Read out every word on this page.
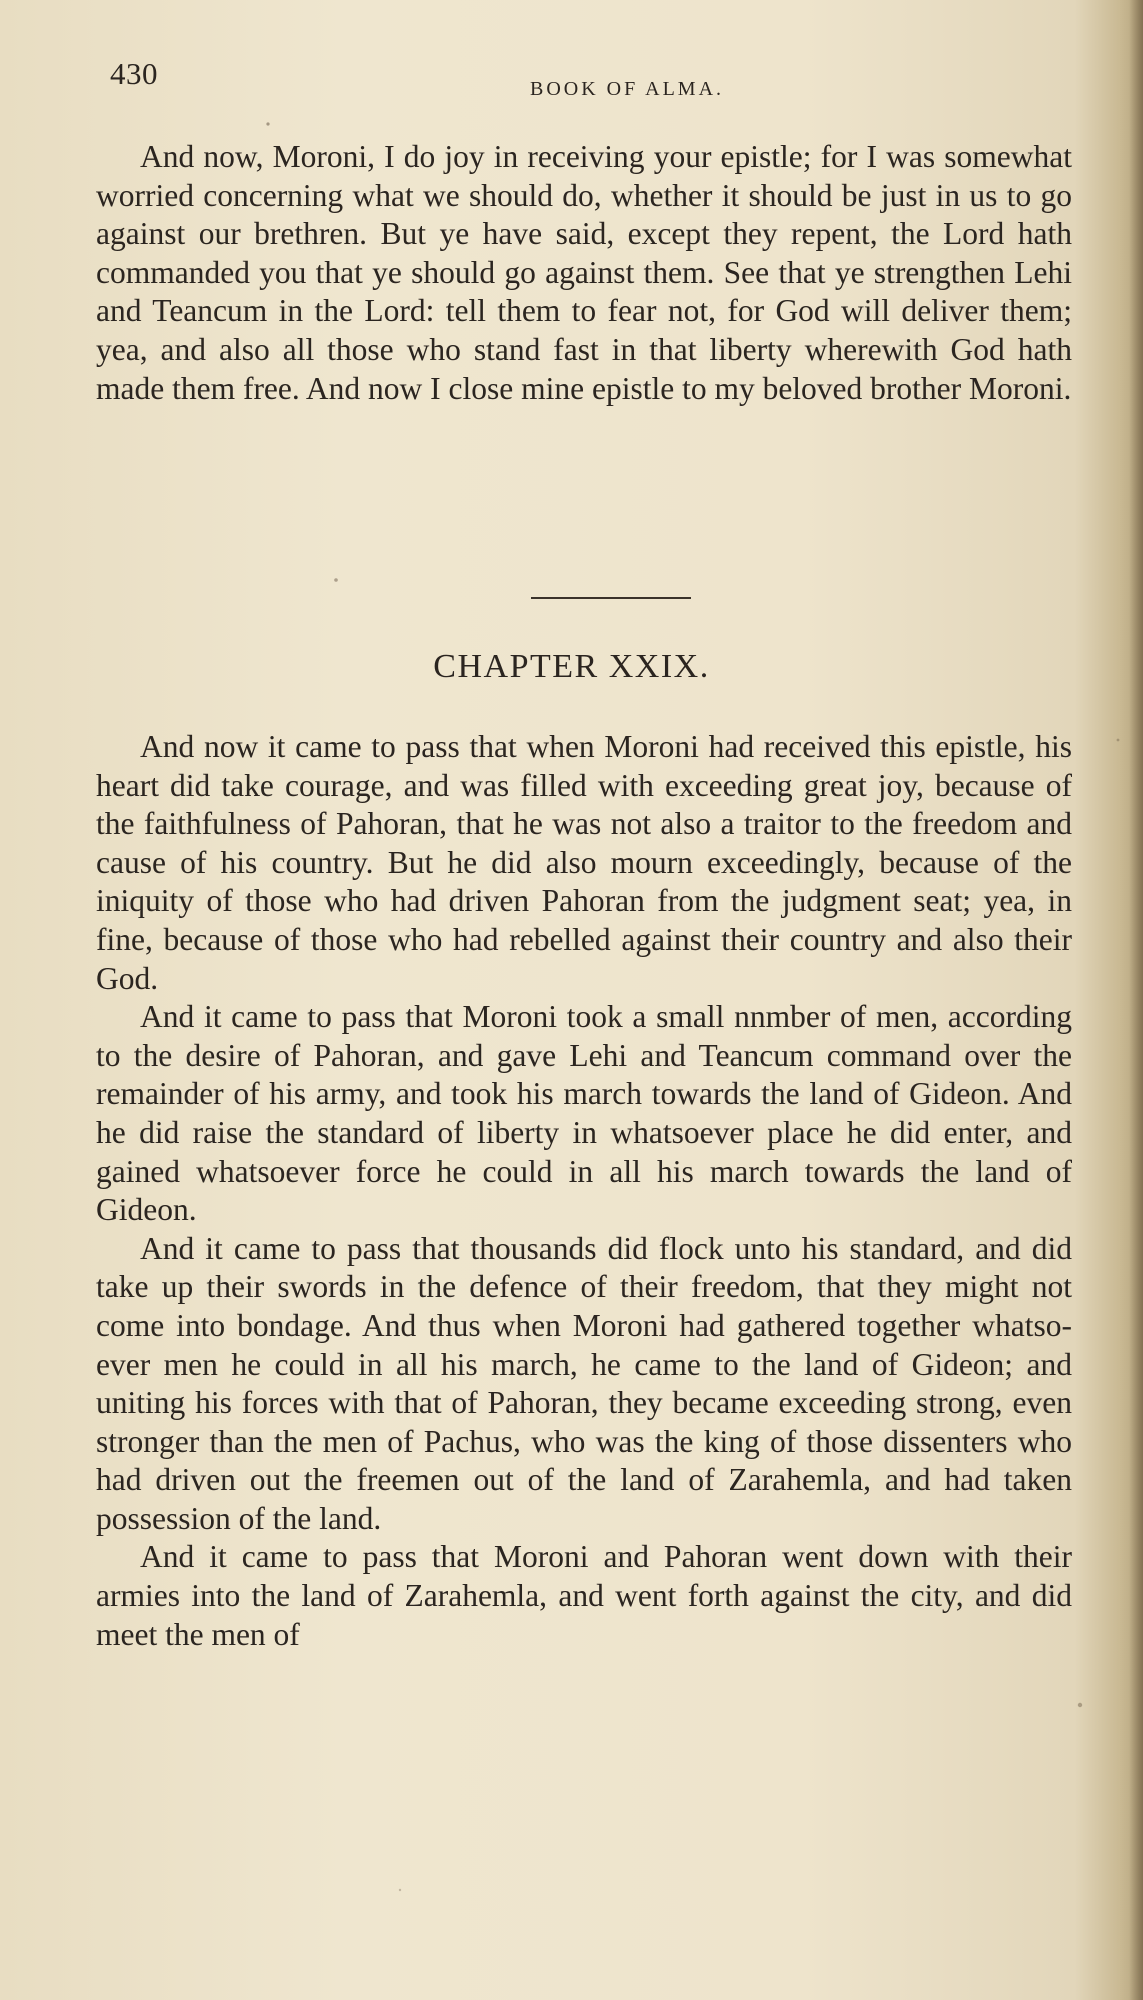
430	BOOK OF ALMA.

And now, Moroni, I do joy in receiving your epistle; for I was somewhat worried concerning what we should do, whether it should be just in us to go against our brethren. But ye have said, except they repent, the Lord hath commanded you that ye should go against them. See that ye strengthen Lehi and Teancum in the Lord: tell them to fear not, for God will deliver them; yea, and also all those who stand fast in that liberty wherewith God hath made them free. And now I close mine epistle to my beloved brother Moroni.

CHAPTER XXIX.

And now it came to pass that when Moroni had received this epistle, his heart did take courage, and was filled with exceeding great joy, because of the faithfulness of Pahoran, that he was not also a traitor to the freedom and cause of his country. But he did also mourn exceedingly, because of the iniquity of those who had driven Pahoran from the judgment seat; yea, in fine, because of those who had rebelled against their country and also their God.

And it came to pass that Moroni took a small nnmber of men, according to the desire of Pahoran, and gave Lehi and Teancum command over the remainder of his army, and took his march towards the land of Gideon. And he did raise the standard of liberty in whatsoever place he did enter, and gained whatsoever force he could in all his march towards the land of Gideon.

And it came to pass that thousands did flock unto his standard, and did take up their swords in the defence of their freedom, that they might not come into bondage. And thus when Moroni had gathered together whatsoever men he could in all his march, he came to the land of Gideon; and uniting his forces with that of Pahoran, they became exceeding strong, even stronger than the men of Pachus, who was the king of those dissenters who had driven out the freemen out of the land of Zarahemla, and had taken possession of the land.

And it came to pass that Moroni and Pahoran went down with their armies into the land of Zarahemla, and went forth against the city, and did meet the men of
